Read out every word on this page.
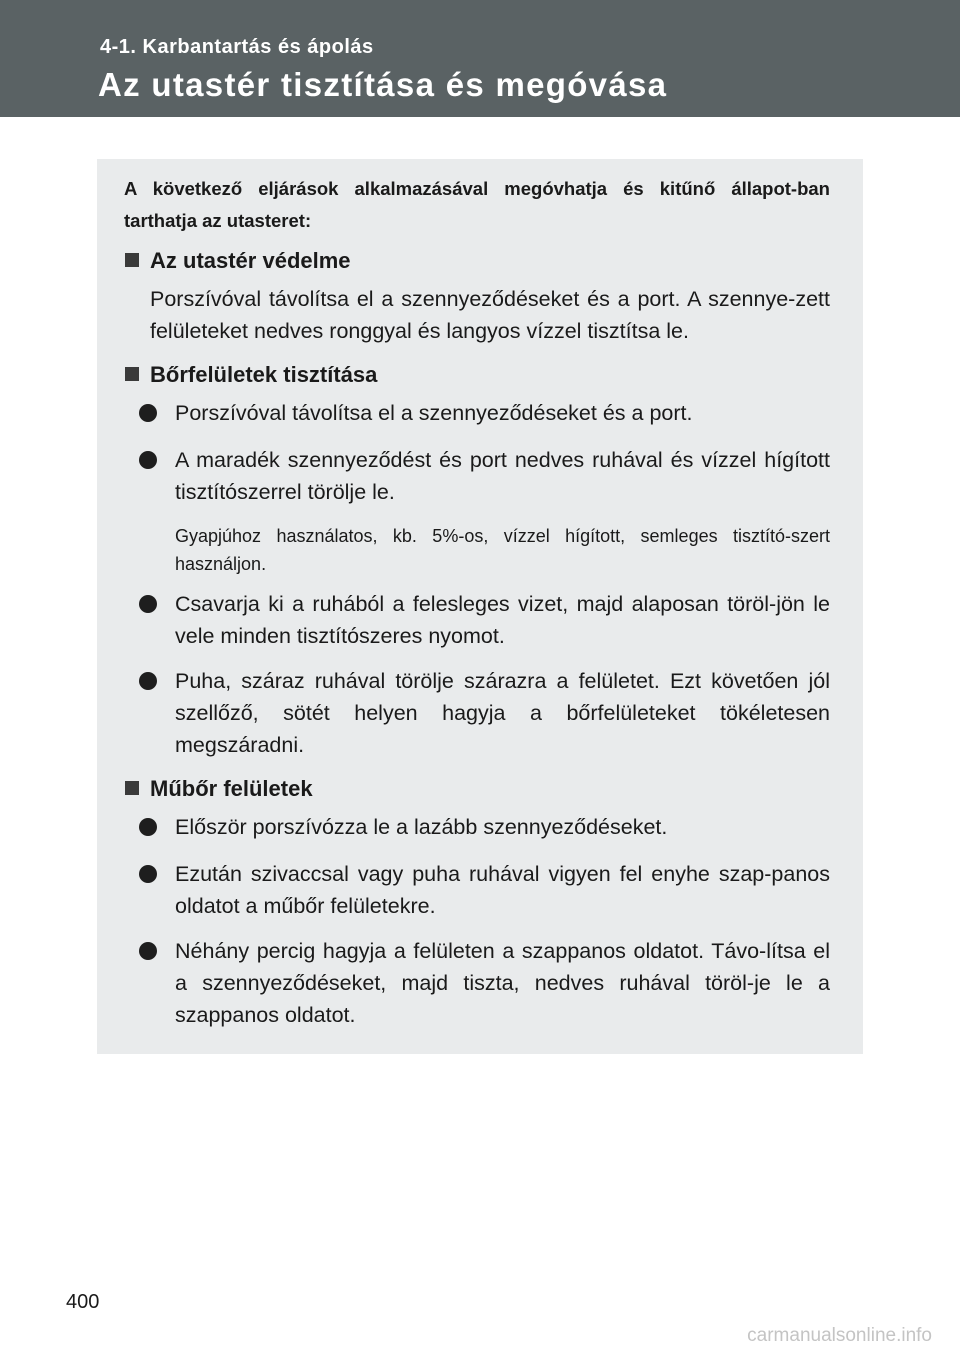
4-1. Karbantartás és ápolás
Az utastér tisztítása és megóvása
A következő eljárások alkalmazásával megóvhatja és kitűnő állapot-ban tarthatja az utasteret:
Az utastér védelme
Porszívóval távolítsa el a szennyeződéseket és a port. A szennye-zett felületeket nedves ronggyal és langyos vízzel tisztítsa le.
Bőrfelületek tisztítása
Porszívóval távolítsa el a szennyeződéseket és a port.
A maradék szennyeződést és port nedves ruhával és vízzel hígított tisztítószerrel törölje le.
Gyapjúhoz használatos, kb. 5%-os, vízzel hígított, semleges tisztító-szert használjon.
Csavarja ki a ruhából a felesleges vizet, majd alaposan töröl-jön le vele minden tisztítószeres nyomot.
Puha, száraz ruhával törölje szárazra a felületet. Ezt követően jól szellőző, sötét helyen hagyja a bőrfelületeket tökéletesen megszáradni.
Műbőr felületek
Először porszívózza le a lazább szennyeződéseket.
Ezután szivaccsal vagy puha ruhával vigyen fel enyhe szap-panos oldatot a műbőr felületekre.
Néhány percig hagyja a felületen a szappanos oldatot. Távo-lítsa el a szennyeződéseket, majd tiszta, nedves ruhával töröl-je le a szappanos oldatot.
400
carmanualsonline.info
